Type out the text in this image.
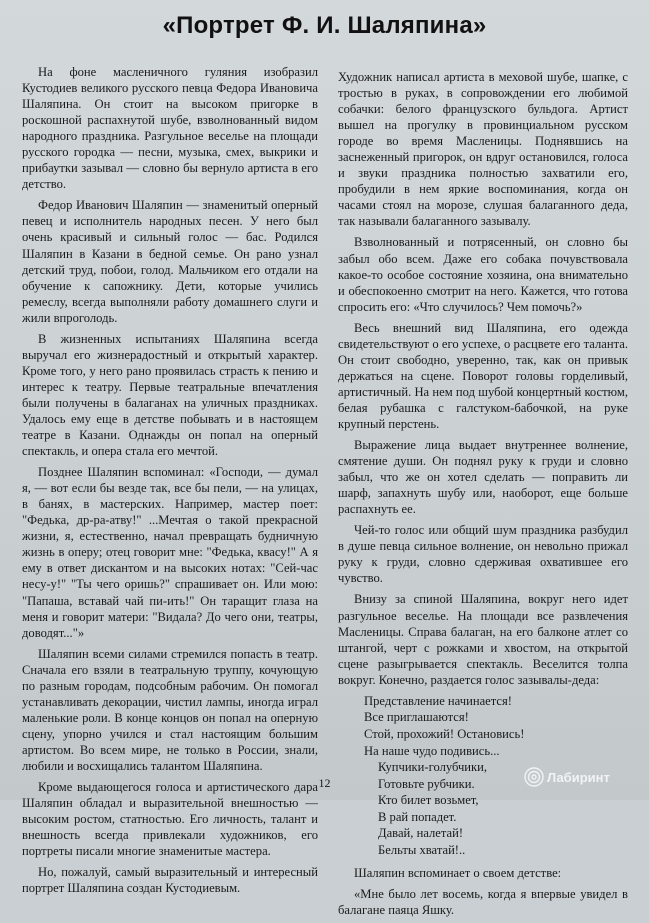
«Портрет Ф. И. Шаляпина»

На фоне масленичного гуляния изобразил Кустодиев великого русского певца Федора Ивановича Шаляпина. Он стоит на высоком пригорке в роскошной распахнутой шубе, взволнованный видом народного праздника. Разгульное веселье на площади русского городка — песни, музыка, смех, выкрики и прибаутки зазывал — словно бы вернуло артиста в его детство.

Федор Иванович Шаляпин — знаменитый оперный певец и исполнитель народных песен. У него был очень красивый и сильный голос — бас. Родился Шаляпин в Казани в бедной семье. Он рано узнал детский труд, побои, голод. Мальчиком его отдали на обучение к сапожнику. Дети, которые учились ремеслу, всегда выполняли работу домашнего слуги и жили впроголодь.

В жизненных испытаниях Шаляпина всегда выручал его жизнерадостный и открытый характер. Кроме того, у него рано проявилась страсть к пению и интерес к театру. Первые театральные впечатления были получены в балаганах на уличных праздниках. Удалось ему еще в детстве побывать и в настоящем театре в Казани. Однажды он попал на оперный спектакль, и опера стала его мечтой.

Позднее Шаляпин вспоминал: «Господи, — думал я, — вот если бы везде так, все бы пели, — на улицах, в банях, в мастерских. Например, мастер поет: "Федька, др-ра-атву!" ...Мечтая о такой прекрасной жизни, я, естественно, начал превращать будничную жизнь в оперу; отец говорит мне: "Федька, квасу!" А я ему в ответ дискантом и на высоких нотах: "Сей-час несу-у!" "Ты чего оришь?" спрашивает он. Или мою: "Папаша, вставай чай пи-ить!" Он таращит глаза на меня и говорит матери: "Видала? До чего они, театры, доводят..."»

Шаляпин всеми силами стремился попасть в театр. Сначала его взяли в театральную труппу, кочующую по разным городам, подсобным рабочим. Он помогал устанавливать декорации, чистил лампы, иногда играл маленькие роли. В конце концов он попал на оперную сцену, упорно учился и стал настоящим большим артистом. Во всем мире, не только в России, знали, любили и восхищались талантом Шаляпина.

Кроме выдающегося голоса и артистического дара Шаляпин обладал и выразительной внешностью — высоким ростом, статностью. Его личность, талант и внешность всегда привлекали художников, его портреты писали многие знаменитые мастера.

Но, пожалуй, самый выразительный и интересный портрет Шаляпина создан Кустодиевым.

Художник написал артиста в меховой шубе, шапке, с тростью в руках, в сопровождении его любимой собачки: белого французского бульдога. Артист вышел на прогулку в провинциальном русском городе во время Масленицы. Поднявшись на заснеженный пригорок, он вдруг остановился, голоса и звуки праздника полностью захватили его, пробудили в нем яркие воспоминания, когда он часами стоял на морозе, слушая балаганного деда, так называли балаганного зазывалу.

Взволнованный и потрясенный, он словно бы забыл обо всем. Даже его собака почувствовала какое-то особое состояние хозяина, она внимательно и обеспокоенно смотрит на него. Кажется, что готова спросить его: «Что случилось? Чем помочь?»

Весь внешний вид Шаляпина, его одежда свидетельствуют о его успехе, о расцвете его таланта. Он стоит свободно, уверенно, так, как он привык держаться на сцене. Поворот головы горделивый, артистичный. На нем под шубой концертный костюм, белая рубашка с галстуком-бабочкой, на руке крупный перстень.

Выражение лица выдает внутреннее волнение, смятение души. Он поднял руку к груди и словно забыл, что же он хотел сделать — поправить ли шарф, запахнуть шубу или, наоборот, еще больше распахнуть ее.

Чей-то голос или общий шум праздника разбудил в душе певца сильное волнение, он невольно прижал руку к груди, словно сдерживая охватившее его чувство.

Внизу за спиной Шаляпина, вокруг него идет разгульное веселье. На площади все развлечения Масленицы. Справа балаган, на его балконе атлет со штангой, черт с рожками и хвостом, на открытой сцене разыгрывается спектакль. Веселится толпа вокруг. Конечно, раздается голос зазывалы-деда:

Представление начинается!
Все приглашаются!
Стой, прохожий! Остановись!
На наше чудо подивись...
Купчики-голубчики,
Готовьте рубчики.
Кто билет возьмет,
В рай попадет.
Давай, налетай!
Бельты хватай!..

Шаляпин вспоминает о своем детстве:

«Мне было лет восемь, когда я впервые увидел в балагане паяца Яшку.

12	Лабиринт
